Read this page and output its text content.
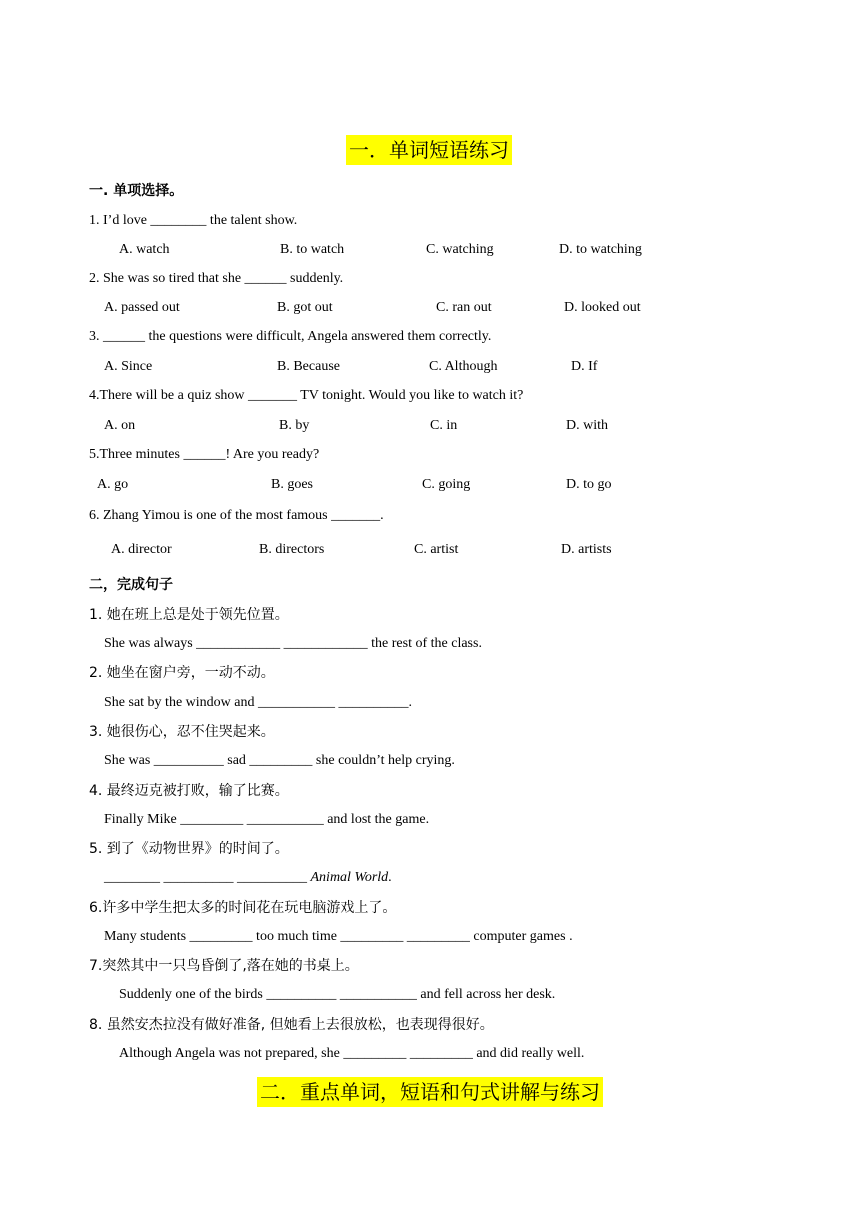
一．单词短语练习
一. 单项选择。
1. I’d love ________ the talent show.
A. watch	B. to watch	C. watching	D. to watching
2. She was so tired that she ______ suddenly.
A. passed out	B. got out	C. ran out	D. looked out
3. ______ the questions were difficult, Angela answered them correctly.
A. Since	B. Because	C. Although	D. If
4.There will be a quiz show _______ TV tonight. Would you like to watch it?
A. on	B. by	C. in	D. with
5.Three minutes ______! Are you ready?
A. go	B. goes	C. going	D. to go
6. Zhang Yimou is one of the most famous _______.
A. director	B. directors	C. artist	D. artists
二，完成句子
1. 她在班上总是处于领先位置。
She was always ____________ ____________ the rest of the class.
2. 她坐在窗户旁，一动不动。
She sat by the window and ___________ __________.
3. 她很伤心，忍不住哭起来。
She was __________ sad _________ she couldn’t help crying.
4. 最终迈克被打败，输了比赛。
Finally Mike _________ ___________ and lost the game.
5. 到了《动物世界》的时间了。
________ __________ __________ Animal World.
6.许多中学生把太多的时间花在玩电脑游戏上了。
Many students _________ too much time _________ _________ computer games .
7.突然其中一只鸟昏倒了,落在她的书桌上。
Suddenly one of the birds __________ ___________ and fell across her desk.
8. 虽然安杰拉没有做好准备, 但她看上去很放松，也表现得很好。
Although Angela was not prepared, she _________ _________ and did really well.
二．重点单词，短语和句式讲解与练习
